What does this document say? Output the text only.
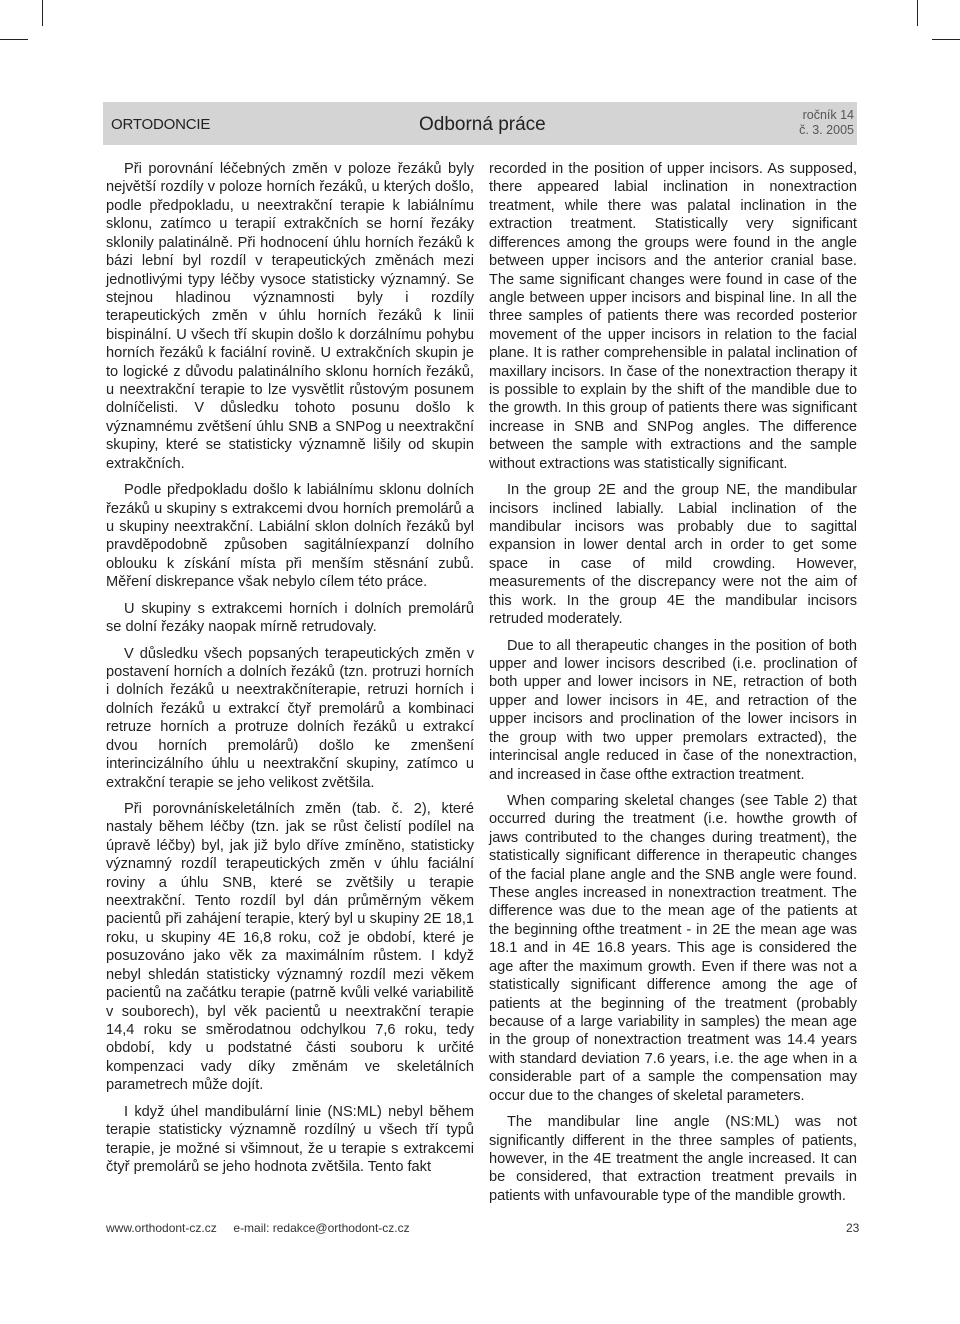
ORTODONCIE	Odborná práce	ročník 14
č. 3. 2005

Při porovnání léčebných změn v poloze řezáků byly největší rozdíly v poloze horních řezáků, u kterých došlo, podle předpokladu, u neextrakční terapie k labiálnímu sklonu, zatímco u terapií extrakčních se horní řezáky sklonily palatinálně. Při hodnocení úhlu horních řezáků k bázi lební byl rozdíl v terapeutických změnách mezi jednotlivými typy léčby vysoce statisticky významný. Se stejnou hladinou významnosti byly i rozdíly terapeutických změn v úhlu horních řezáků k linii bispinální. U všech tří skupin došlo k dorzálnímu pohybu horních řezáků k faciální rovině. U extrakčních skupin je to logické z důvodu palatinálního sklonu horních řezáků, u neextrakční terapie to lze vysvětlit růstovým posunem dolníčelisti. V důsledku tohoto posunu došlo k významnému zvětšení úhlu SNB a SNPog u neextrakční skupiny, které se statisticky významně lišily od skupin extrakčních.

Podle předpokladu došlo k labiálnímu sklonu dolních řezáků u skupiny s extrakcemi dvou horních premolárů a u skupiny neextrakční. Labiální sklon dolních řezáků byl pravděpodobně způsoben sagitálníexpanzí dolního oblouku k získání místa při menším stěsnání zubů. Měření diskrepance však nebylo cílem této práce.

U skupiny s extrakcemi horních i dolních premolárů se dolní řezáky naopak mírně retrudovaly.

V důsledku všech popsaných terapeutických změn v postavení horních a dolních řezáků (tzn. protruzi horních i dolních řezáků u neextrakčníterapie, retruzi horních i dolních řezáků u extrakcí čtyř premolárů a kombinaci retruze horních a protruze dolních řezáků u extrakcí dvou horních premolárů) došlo ke zmenšení interincizálního úhlu u neextrakční skupiny, zatímco u extrakční terapie se jeho velikost zvětšila.

Při porovnánískeletálních změn (tab. č. 2), které nastaly během léčby (tzn. jak se růst čelistí podílel na úpravě léčby) byl, jak již bylo dříve zmíněno, statisticky významný rozdíl terapeutických změn v úhlu faciální roviny a úhlu SNB, které se zvětšily u terapie neextrakční. Tento rozdíl byl dán průměrným věkem pacientů při zahájení terapie, který byl u skupiny 2E 18,1 roku, u skupiny 4E 16,8 roku, což je období, které je posuzováno jako věk za maximálním růstem. I když nebyl shledán statisticky významný rozdíl mezi věkem pacientů na začátku terapie (patrně kvůli velké variabilitě v souborech), byl věk pacientů u neextrakční terapie 14,4 roku se směrodatnou odchylkou 7,6 roku, tedy období, kdy u podstatné části souboru k určité kompenzaci vady díky změnám ve skeletálních parametrech může dojít.

I když úhel mandibulární linie (NS:ML) nebyl během terapie statisticky významně rozdílný u všech tří typů terapie, je možné si všimnout, že u terapie s extrakcemi čtyř premolárů se jeho hodnota zvětšila. Tento fakt

recorded in the position of upper incisors. As supposed, there appeared labial inclination in nonextraction treatment, while there was palatal inclination in the extraction treatment. Statistically very significant differences among the groups were found in the angle between upper incisors and the anterior cranial base. The same significant changes were found in case of the angle between upper incisors and bispinal line. In all the three samples of patients there was recorded posterior movement of the upper incisors in relation to the facial plane. It is rather comprehensible in palatal inclination of maxillary incisors. In čase of the nonextraction therapy it is possible to explain by the shift of the mandible due to the growth. In this group of patients there was significant increase in SNB and SNPog angles. The difference between the sample with extractions and the sample without extractions was statistically significant.

In the group 2E and the group NE, the mandibular incisors inclined labially. Labial inclination of the mandibular incisors was probably due to sagittal expansion in lower dental arch in order to get some space in case of mild crowding. However, measurements of the discrepancy were not the aim of this work. In the group 4E the mandibular incisors retruded moderately.

Due to all therapeutic changes in the position of both upper and lower incisors described (i.e. proclination of both upper and lower incisors in NE, retraction of both upper and lower incisors in 4E, and retraction of the upper incisors and proclination of the lower incisors in the group with two upper premolars extracted), the interincisal angle reduced in čase of the nonextraction, and increased in čase ofthe extraction treatment.

When comparing skeletal changes (see Table 2) that occurred during the treatment (i.e. howthe growth of jaws contributed to the changes during treatment), the statistically significant difference in therapeutic changes of the facial plane angle and the SNB angle were found. These angles increased in nonextraction treatment. The difference was due to the mean age of the patients at the beginning ofthe treatment - in 2E the mean age was 18.1 and in 4E 16.8 years. This age is considered the age after the maximum growth. Even if there was not a statistically significant difference among the age of patients at the beginning of the treatment (probably because of a large variability in samples) the mean age in the group of nonextraction treatment was 14.4 years with standard deviation 7.6 years, i.e. the age when in a considerable part of a sample the compensation may occur due to the changes of skeletal parameters.

The mandibular line angle (NS:ML) was not significantly different in the three samples of patients, however, in the 4E treatment the angle increased. It can be considered, that extraction treatment prevails in patients with unfavourable type of the mandible growth.

www.orthodont-cz.cz e-mail: redakce@orthodont-cz.cz	23
